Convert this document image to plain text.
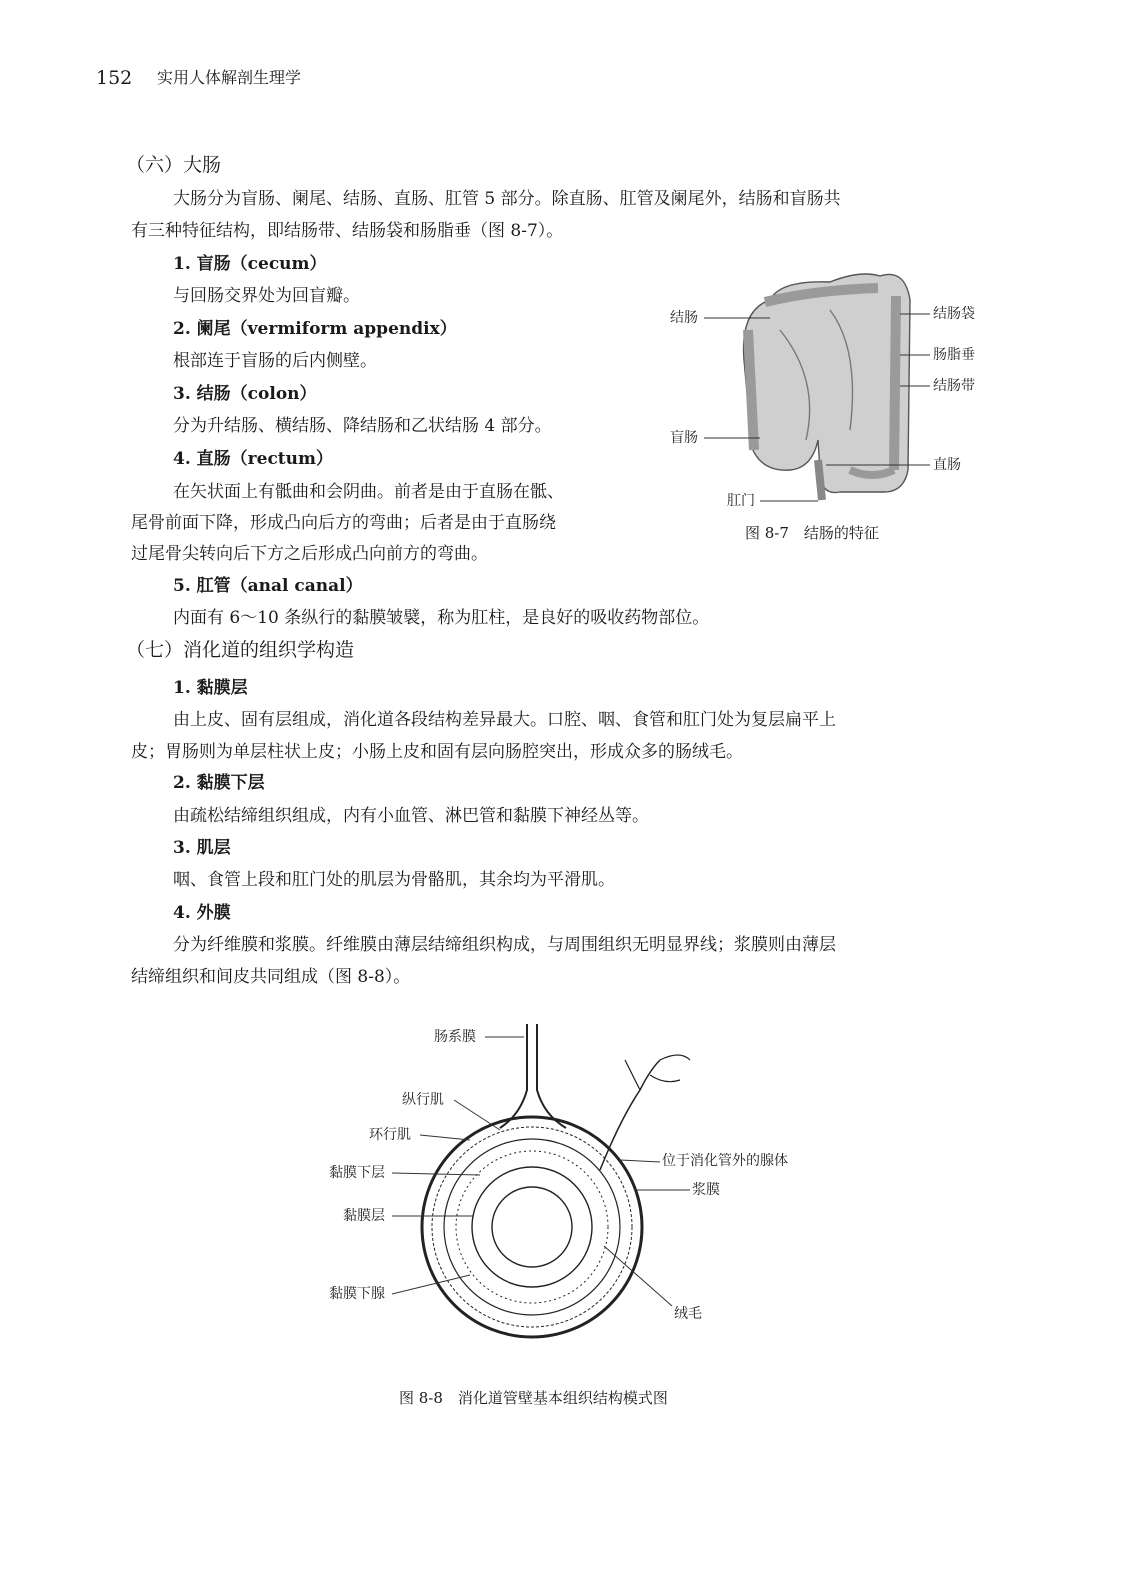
152 实用人体解剖生理学
（六）大肠
大肠分为盲肠、阑尾、结肠、直肠、肛管 5 部分。除直肠、肛管及阑尾外，结肠和盲肠共
有三种特征结构，即结肠带、结肠袋和肠脂垂（图 8-7）。
1. 盲肠（cecum）
与回肠交界处为回盲瓣。
2. 阑尾（vermiform appendix）
根部连于盲肠的后内侧壁。
3. 结肠（colon）
分为升结肠、横结肠、降结肠和乙状结肠 4 部分。
4. 直肠（rectum）
在矢状面上有骶曲和会阴曲。前者是由于直肠在骶、
尾骨前面下降，形成凸向后方的弯曲；后者是由于直肠绕
过尾骨尖转向后下方之后形成凸向前方的弯曲。
5. 肛管（anal canal）
内面有 6～10 条纵行的黏膜皱襞，称为肛柱，是良好的吸收药物部位。
结肠	结肠袋
肠脂垂
结肠带
盲肠
直肠
肛门
图 8-7　结肠的特征
（七）消化道的组织学构造
1. 黏膜层
由上皮、固有层组成，消化道各段结构差异最大。口腔、咽、食管和肛门处为复层扁平上
皮；胃肠则为单层柱状上皮；小肠上皮和固有层向肠腔突出，形成众多的肠绒毛。
2. 黏膜下层
由疏松结缔组织组成，内有小血管、淋巴管和黏膜下神经丛等。
3. 肌层
咽、食管上段和肛门处的肌层为骨骼肌，其余均为平滑肌。
4. 外膜
分为纤维膜和浆膜。纤维膜由薄层结缔组织构成，与周围组织无明显界线；浆膜则由薄层
结缔组织和间皮共同组成（图 8-8）。
肠系膜
纵行肌
环行肌
黏膜下层
黏膜层
黏膜下腺
位于消化管外的腺体
浆膜
绒毛
图 8-8　消化道管壁基本组织结构模式图
